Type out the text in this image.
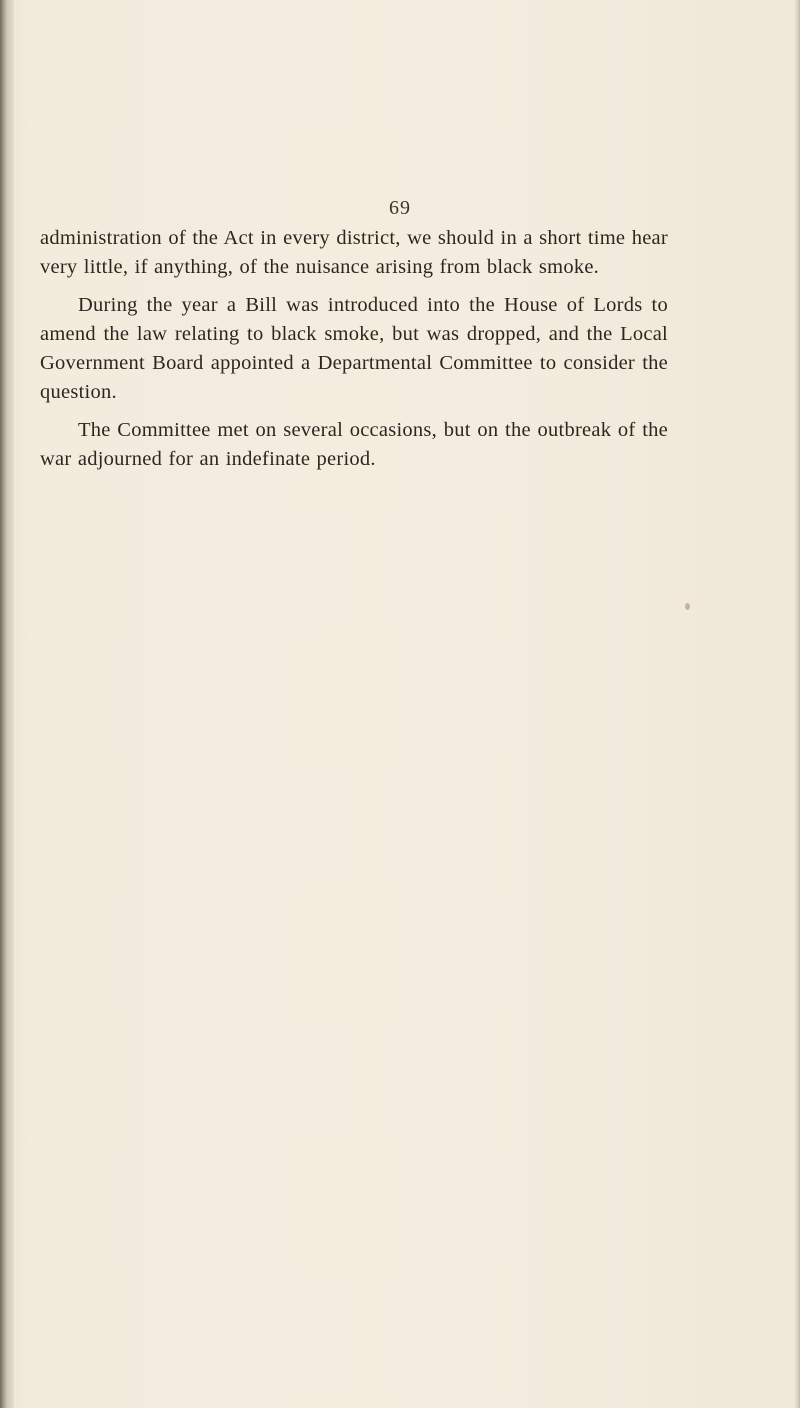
69

administration of the Act in every district, we should in a short time hear very little, if anything, of the nuisance arising from black smoke.

During the year a Bill was introduced into the House of Lords to amend the law relating to black smoke, but was dropped, and the Local Government Board appointed a Departmental Committee to consider the question.

The Committee met on several occasions, but on the outbreak of the war adjourned for an indefinate period.
